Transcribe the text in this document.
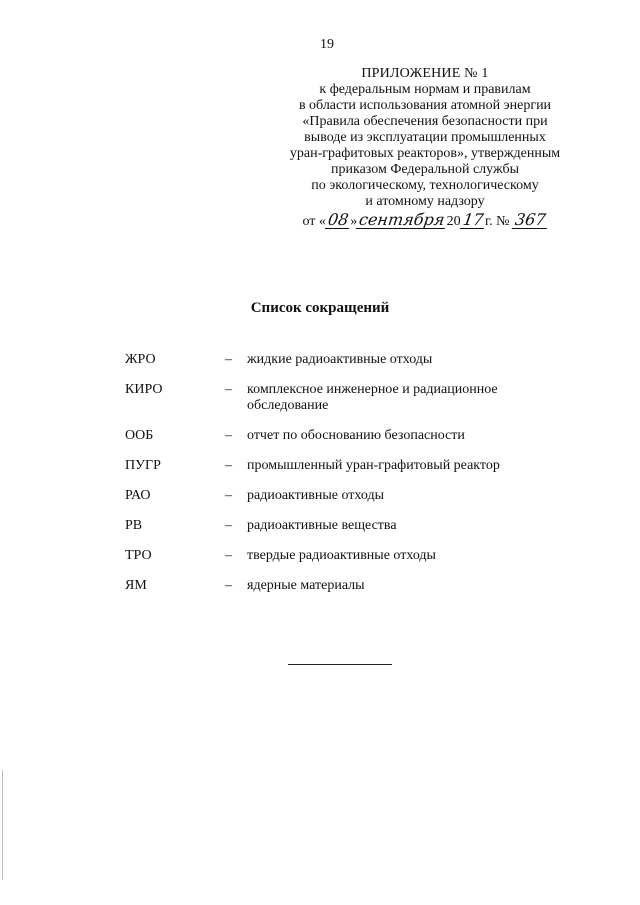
19
ПРИЛОЖЕНИЕ № 1
к федеральным нормам и правилам
в области использования атомной энергии
«Правила обеспечения безопасности при
выводе из эксплуатации промышленных
уран-графитовых реакторов», утвержденным
приказом Федеральной службы
по экологическому, технологическому
и атомному надзору
от «08»сентября2017г. № 367
Список сокращений
ЖРО	– жидкие радиоактивные отходы
КИРО	– комплексное инженерное и радиационное обследование
ООБ	– отчет по обоснованию безопасности
ПУГР	– промышленный уран-графитовый реактор
РАО	– радиоактивные отходы
РВ	– радиоактивные вещества
ТРО	– твердые радиоактивные отходы
ЯМ	– ядерные материалы
